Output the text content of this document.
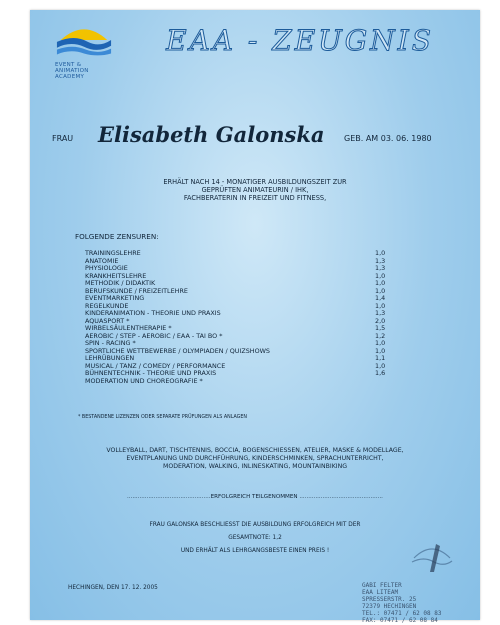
EVENT &
ANIMATION
ACADEMY
EAA - ZEUGNIS
FRAU Elisabeth Galonska GEB. AM 03. 06. 1980
ERHÄLT NACH 14 - MONATIGER AUSBILDUNGSZEIT ZUR
GEPRÜFTEN ANIMATEURIN / IHK,
FACHBERATERIN IN FREIZEIT UND FITNESS,
FOLGENDE ZENSUREN:
TRAININGSLEHRE	1,0
ANATOMIE	1,3
PHYSIOLOGIE	1,3
KRANKHEITSLEHRE	1,0
METHODIK / DIDAKTIK	1,0
BERUFSKUNDE / FREIZEITLEHRE	1,0
EVENTMARKETING	1,4
REGELKUNDE	1,0
KINDERANIMATION - THEORIE UND PRAXIS	1,3
AQUASPORT *	2,0
WIRBELSÄULENTHERAPIE *	1,5
AEROBIC / STEP - AEROBIC / EAA - TAI BO *	1,2
SPIN - RACING *	1,0
SPORTLICHE WETTBEWERBE / OLYMPIADEN / QUIZSHOWS	1,0
LEHRÜBUNGEN	1,1
MUSICAL / TANZ / COMEDY / PERFORMANCE	1,0
BÜHNENTECHNIK - THEORIE UND PRAXIS	1,6
MODERATION UND CHOREOGRAFIE *
* BESTANDENE LIZENZEN ODER SEPARATE PRÜFUNGEN ALS ANLAGEN
VOLLEYBALL, DART, TISCHTENNIS, BOCCIA, BOGENSCHIESSEN, ATELIER, MASKE & MODELLAGE,
EVENTPLANUNG UND DURCHFÜHRUNG, KINDERSCHMINKEN, SPRACHUNTERRICHT,
MODERATION, WALKING, INLINESKATING, MOUNTAINBIKING
...............................................ERFOLGREICH TEILGENOMMEN ...............................................
FRAU GALONSKA BESCHLIESST DIE AUSBILDUNG ERFOLGREICH MIT DER
GESAMTNOTE: 1,2
UND ERHÄLT ALS LEHRGANGSBESTE EINEN PREIS !
HECHINGEN, DEN 17. 12. 2005	GABI FELTER
EAA LITEAM
SPRESSERSTR. 25
72379 HECHINGEN
TEL.: 07471 / 62 08 83
FAX: 07471 / 62 08 84
